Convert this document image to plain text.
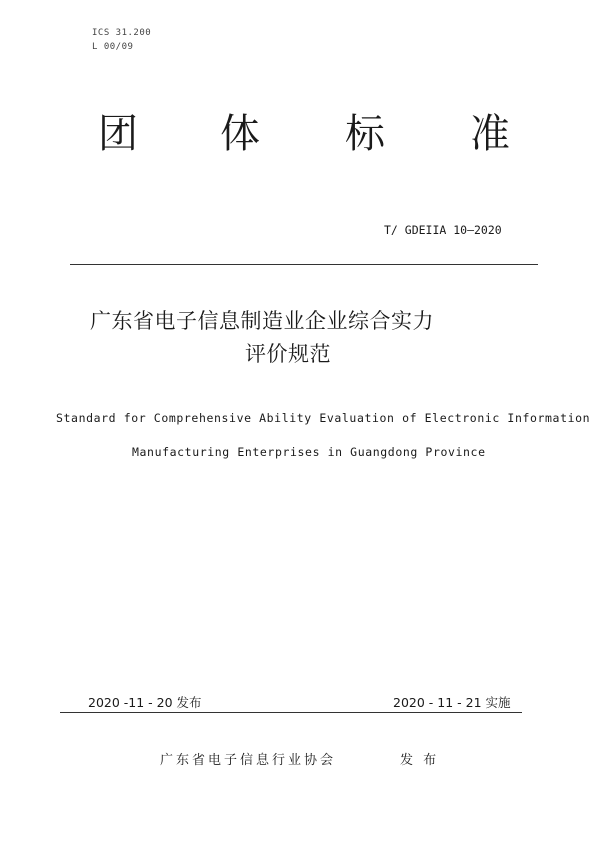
ICS 31.200
L 00/09
团 体 标 准
T/ GDEIIA 10—2020
广东省电子信息制造业企业综合实力
评价规范
Standard for Comprehensive Ability Evaluation of Electronic Information
Manufacturing Enterprises in Guangdong Province
2020 -11 - 20 发布	2020 - 11 - 21 实施
广东省电子信息行业协会	发 布
